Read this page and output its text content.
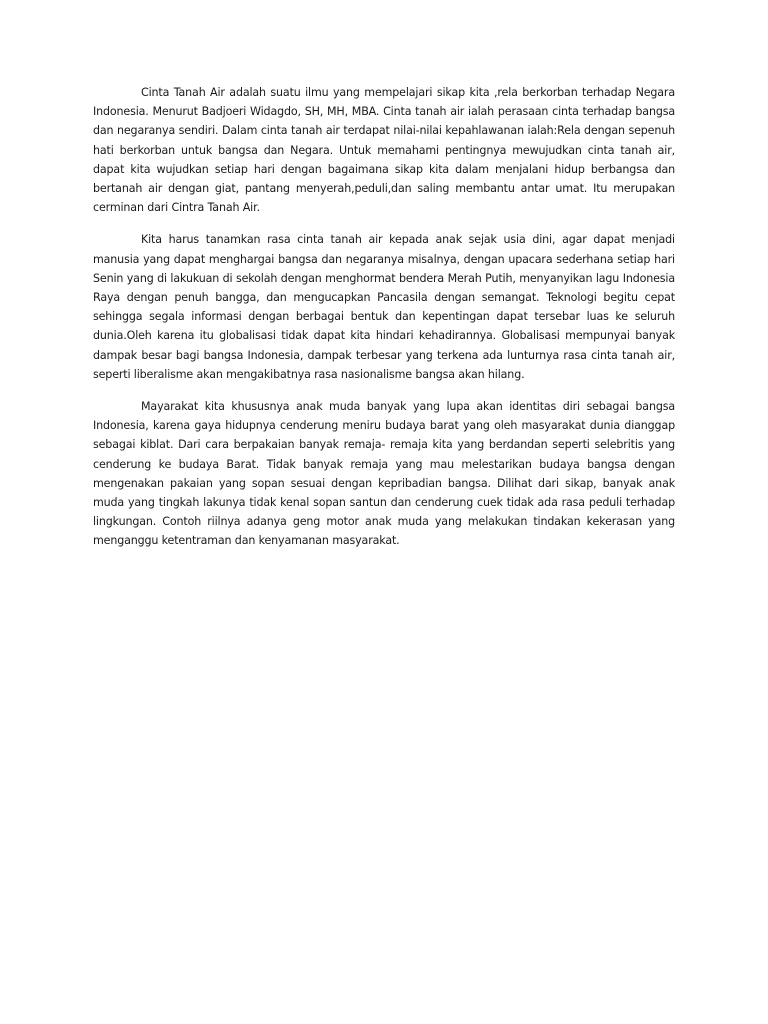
Cinta Tanah Air adalah suatu ilmu yang mempelajari sikap kita ,rela berkorban terhadap Negara Indonesia. Menurut Badjoeri Widagdo, SH, MH, MBA. Cinta tanah air ialah perasaan cinta terhadap bangsa dan negaranya sendiri. Dalam cinta tanah air terdapat nilai-nilai kepahlawanan ialah:Rela dengan sepenuh hati berkorban untuk bangsa dan Negara. Untuk memahami pentingnya mewujudkan cinta tanah air, dapat kita wujudkan setiap hari dengan bagaimana sikap kita dalam menjalani hidup berbangsa dan bertanah air dengan giat, pantang menyerah,peduli,dan saling membantu antar umat. Itu merupakan cerminan dari Cintra Tanah Air.

Kita harus tanamkan rasa cinta tanah air kepada anak sejak usia dini, agar dapat menjadi manusia yang dapat menghargai bangsa dan negaranya misalnya, dengan upacara sederhana setiap hari Senin yang di lakukuan di sekolah dengan menghormat bendera Merah Putih, menyanyikan lagu Indonesia Raya dengan penuh bangga, dan mengucapkan Pancasila dengan semangat. Teknologi begitu cepat sehingga segala informasi dengan berbagai bentuk dan kepentingan dapat tersebar luas ke seluruh dunia.Oleh karena itu globalisasi tidak dapat kita hindari kehadirannya. Globalisasi mempunyai banyak dampak besar bagi bangsa Indonesia, dampak terbesar yang terkena ada lunturnya rasa cinta tanah air, seperti liberalisme akan mengakibatnya rasa nasionalisme bangsa akan hilang.

Mayarakat kita khususnya anak muda banyak yang lupa akan identitas diri sebagai bangsa Indonesia, karena gaya hidupnya cenderung meniru budaya barat yang oleh masyarakat dunia dianggap sebagai kiblat. Dari cara berpakaian banyak remaja- remaja kita yang berdandan seperti selebritis yang cenderung ke budaya Barat. Tidak banyak remaja yang mau melestarikan budaya bangsa dengan mengenakan pakaian yang sopan sesuai dengan kepribadian bangsa. Dilihat dari sikap, banyak anak muda yang tingkah lakunya tidak kenal sopan santun dan cenderung cuek tidak ada rasa peduli terhadap lingkungan. Contoh riilnya adanya geng motor anak muda yang melakukan tindakan kekerasan yang menganggu ketentraman dan kenyamanan masyarakat.
